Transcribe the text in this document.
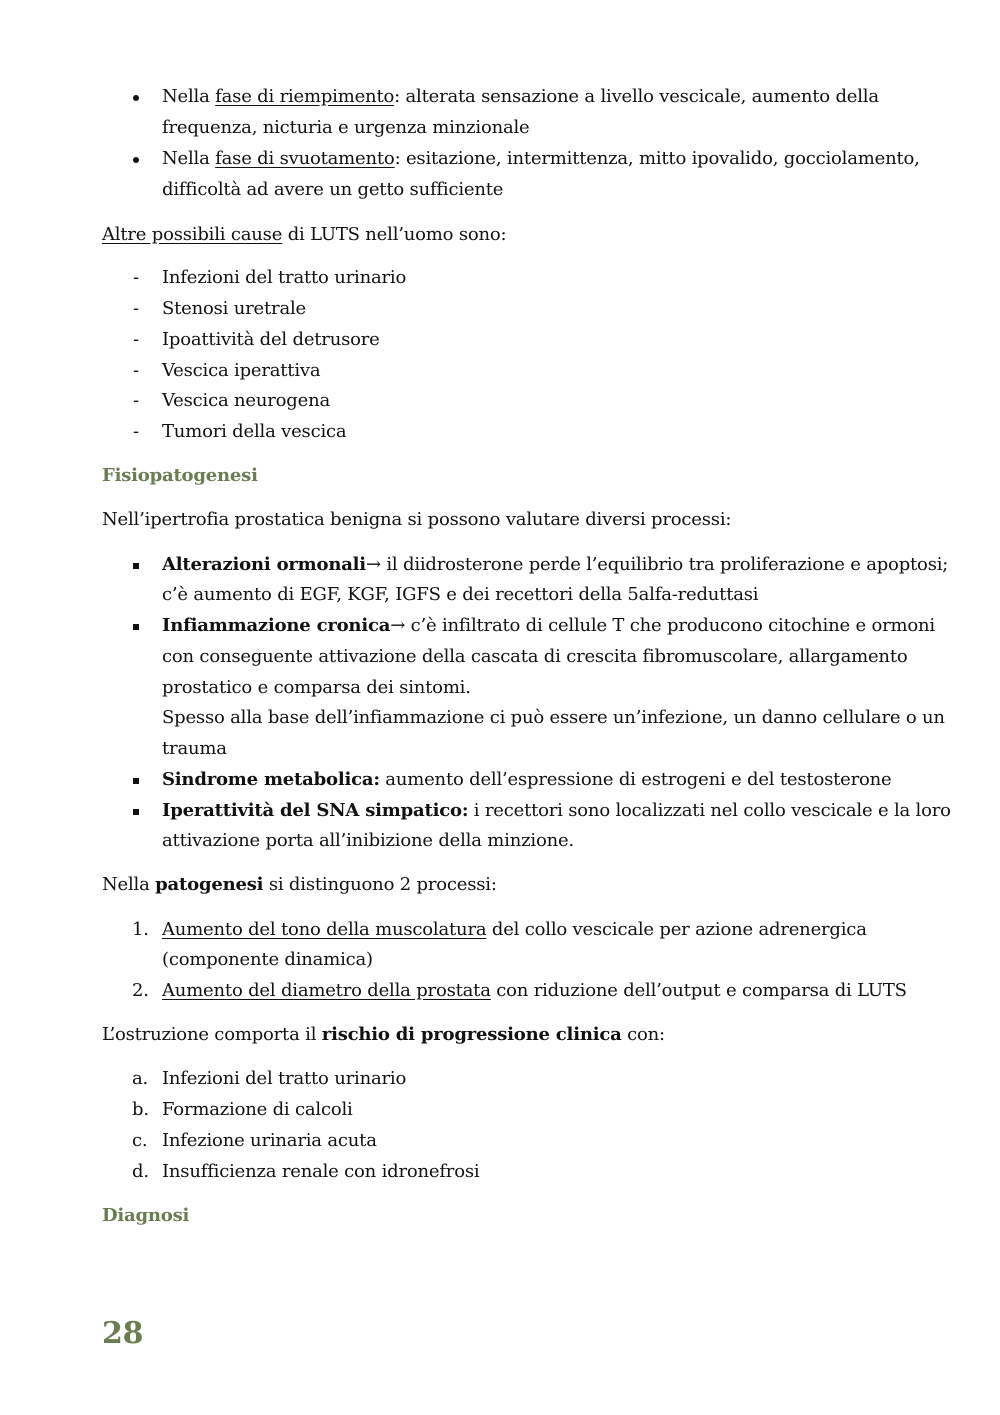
Nella fase di riempimento: alterata sensazione a livello vescicale, aumento della
frequenza, nicturia e urgenza minzionale
Nella fase di svuotamento: esitazione, intermittenza, mitto ipovalido, gocciolamento,
difficoltà ad avere un getto sufficiente
Altre possibili cause di LUTS nell’uomo sono:
-	Infezioni del tratto urinario
-	Stenosi uretrale
-	Ipoattività del detrusore
-	Vescica iperattiva
-	Vescica neurogena
-	Tumori della vescica
Fisiopatogenesi
Nell’ipertrofia prostatica benigna si possono valutare diversi processi:
Alterazioni ormonali→ il diidrosterone perde l’equilibrio tra proliferazione e apoptosi;
c’è aumento di EGF, KGF, IGFS e dei recettori della 5alfa-reduttasi
Infiammazione cronica→ c’è infiltrato di cellule T che producono citochine e ormoni
con conseguente attivazione della cascata di crescita fibromuscolare, allargamento
prostatico e comparsa dei sintomi.
Spesso alla base dell’infiammazione ci può essere un’infezione, un danno cellulare o un
trauma
Sindrome metabolica: aumento dell’espressione di estrogeni e del testosterone
Iperattività del SNA simpatico: i recettori sono localizzati nel collo vescicale e la loro
attivazione porta all’inibizione della minzione.
Nella patogenesi si distinguono 2 processi:
1. Aumento del tono della muscolatura del collo vescicale per azione adrenergica
(componente dinamica)
2. Aumento del diametro della prostata con riduzione dell’output e comparsa di LUTS
L’ostruzione comporta il rischio di progressione clinica con:
a. Infezioni del tratto urinario
b. Formazione di calcoli
c. Infezione urinaria acuta
d. Insufficienza renale con idronefrosi
Diagnosi
28
